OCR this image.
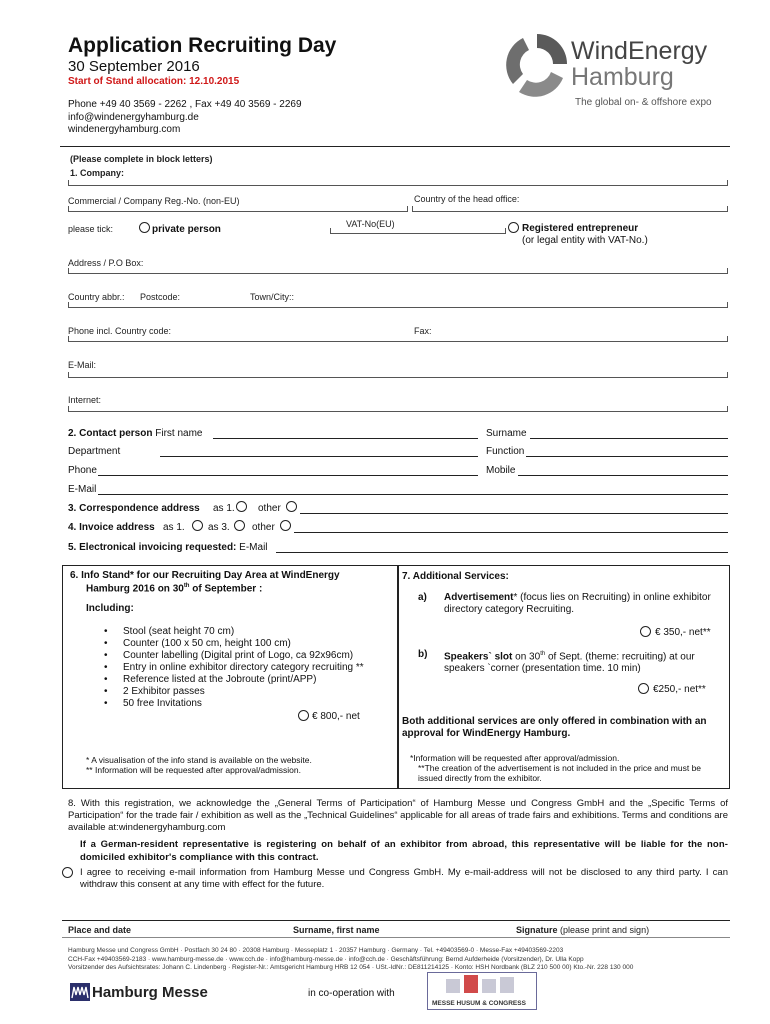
Application Recruiting Day
30 September 2016
Start of Stand allocation: 12.10.2015
Phone +49 40 3569 - 2262 , Fax +49 40 3569 - 2269
info@windenergyhamburg.de
windenergyhamburg.com
WindEnergy
Hamburg
The global on- & offshore expo
(Please complete in block letters)
1. Company:
Commercial / Company Reg.-No. (non-EU)	Country of the head office:
please tick:	private person	VAT-No(EU)	Registered entrepreneur
(or legal entity with VAT-No.)
Address / P.O Box:
Country abbr.: Postcode:	Town/City::
Phone incl. Country code:	Fax:
E-Mail:
Internet:
2. Contact person First name	Surname
Department	Function
Phone	Mobile
E-Mail
3. Correspondence address as 1. other
4. Invoice address as 1. as 3. other
5. Electronical invoicing requested: E-Mail
6. Info Stand* for our Recruiting Day Area at WindEnergy
Hamburg 2016 on 30th of September :
Including:
• Stool (seat height 70 cm)
• Counter (100 x 50 cm, height 100 cm)
• Counter labelling (Digital print of Logo, ca 92x96cm)
• Entry in online exhibitor directory category recruiting **
• Reference listed at the Jobroute (print/APP)
• 2 Exhibitor passes
• 50 free Invitations
€ 800,- net
* A visualisation of the info stand is available on the website.
** Information will be requested after approval/admission.
7. Additional Services:
a) Advertisement* (focus lies on Recruiting) in online exhibitor directory category Recruiting.
€ 350,- net**
b) Speakers` slot on 30th of Sept. (theme: recruiting) at our speakers `corner (presentation time. 10 min)
€250,- net**
Both additional services are only offered in combination with an approval for WindEnergy Hamburg.
*Information will be requested after approval/admission.
**The creation of the advertisement is not included in the price and must be issued directly from the exhibitor.
8. With this registration, we acknowledge the „General Terms of Participation“ of Hamburg Messe und Congress GmbH and the „Specific Terms of Participation“ for the trade fair / exhibition as well as the „Technical Guidelines“ applicable for all areas of trade fairs and exhibitions. Terms and conditions are available at:windenergyhamburg.com
If a German-resident representative is registering on behalf of an exhibitor from abroad, this representative will be liable for the non-domiciled exhibitor's compliance with this contract.
I agree to receiving e-mail information from Hamburg Messe und Congress GmbH. My e-mail-address will not be disclosed to any third party. I can withdraw this consent at any time with effect for the future.
Place and date	Surname, first name	Signature (please print and sign)
Hamburg Messe und Congress GmbH · Postfach 30 24 80 · 20308 Hamburg · Messeplatz 1 · 20357 Hamburg · Germany · Tel. +49403569-0 · Messe-Fax +49403569-2203
CCH-Fax +49403569-2183 · www.hamburg-messe.de · www.cch.de · info@hamburg-messe.de · info@cch.de · Geschäftsführung: Bernd Aufderheide (Vorsitzender), Dr. Ulla Kopp
Vorsitzender des Aufsichtsrates: Johann C. Lindenberg · Register-Nr.: Amtsgericht Hamburg HRB 12 054 · USt.-IdNr.: DE811214125 · Konto: HSH Nordbank (BLZ 210 500 00) Kto.-Nr. 228 130 000
Hamburg Messe	in co-operation with
MESSE HUSUM & CONGRESS
